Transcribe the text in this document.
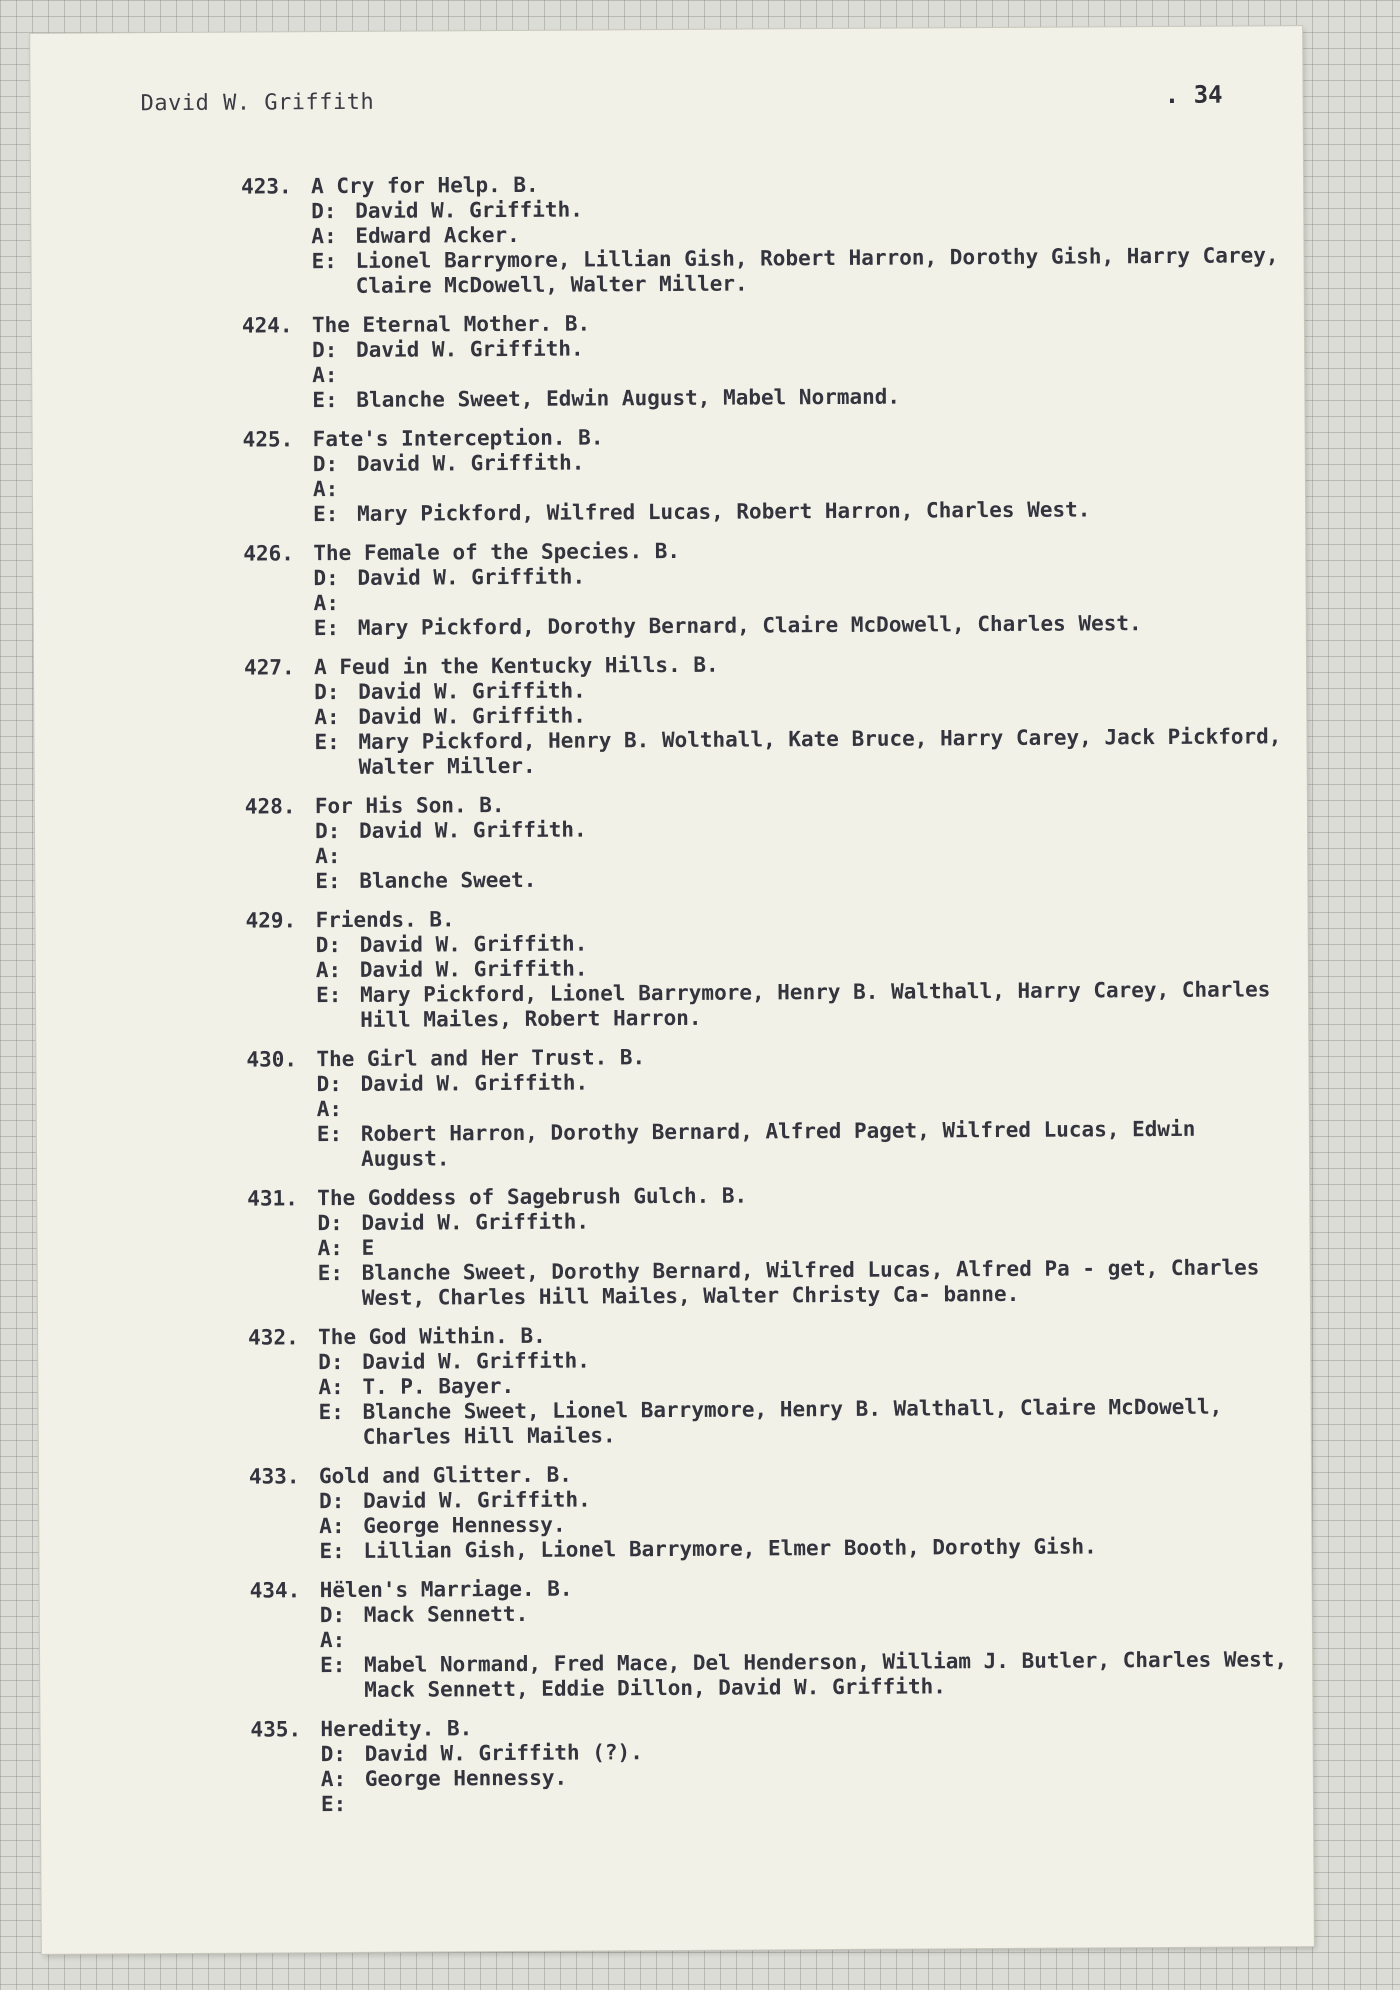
David W. Griffith	. 34
423. A Cry for Help. B.
D: David W. Griffith.
A: Edward Acker.
E: Lionel Barrymore, Lillian Gish, Robert Harron, Dorothy Gish, Harry Carey, Claire McDowell, Walter Miller.
424. The Eternal Mother. B.
D: David W. Griffith.
A:
E: Blanche Sweet, Edwin August, Mabel Normand.
425. Fate's Interception. B.
D: David W. Griffith.
A:
E: Mary Pickford, Wilfred Lucas, Robert Harron, Charles West.
426. The Female of the Species. B.
D: David W. Griffith.
A:
E: Mary Pickford, Dorothy Bernard, Claire McDowell, Charles West.
427. A Feud in the Kentucky Hills. B.
D: David W. Griffith.
A: David W. Griffith.
E: Mary Pickford, Henry B. Wolthall, Kate Bruce, Harry Carey, Jack Pickford, Walter Miller.
428. For His Son. B.
D: David W. Griffith.
A:
E: Blanche Sweet.
429. Friends. B.
D: David W. Griffith.
A: David W. Griffith.
E: Mary Pickford, Lionel Barrymore, Henry B. Walthall, Harry Carey, Charles Hill Mailes, Robert Harron.
430. The Girl and Her Trust. B.
D: David W. Griffith.
A:
E: Robert Harron, Dorothy Bernard, Alfred Paget, Wilfred Lucas, Edwin August.
431. The Goddess of Sagebrush Gulch. B.
D: David W. Griffith.
A: E
E: Blanche Sweet, Dorothy Bernard, Wilfred Lucas, Alfred Pa - get, Charles West, Charles Hill Mailes, Walter Christy Ca- banne.
432. The God Within. B.
D: David W. Griffith.
A: T. P. Bayer.
E: Blanche Sweet, Lionel Barrymore, Henry B. Walthall, Claire McDowell, Charles Hill Mailes.
433. Gold and Glitter. B.
D: David W. Griffith.
A: George Hennessy.
E: Lillian Gish, Lionel Barrymore, Elmer Booth, Dorothy Gish.
434. Hёlen's Marriage. B.
D: Mack Sennett.
A:
E: Mabel Normand, Fred Mace, Del Henderson, William J. Butler, Charles West, Mack Sennett, Eddie Dillon, David W. Griffith.
435. Heredity. B.
D: David W. Griffith (?).
A: George Hennessy.
E:
